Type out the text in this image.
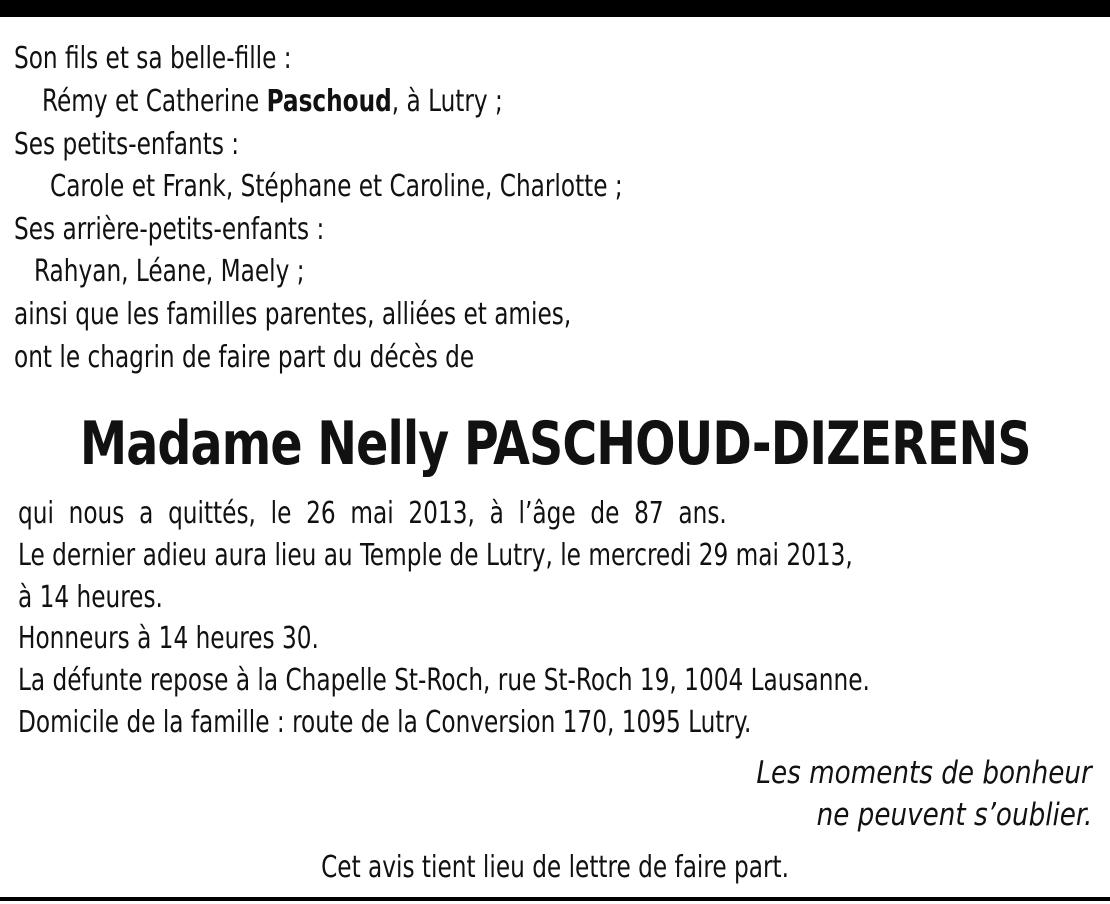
Son fils et sa belle-fille :
Rémy et Catherine Paschoud, à Lutry ;
Ses petits-enfants :
Carole et Frank, Stéphane et Caroline, Charlotte ;
Ses arrière-petits-enfants :
Rahyan, Léane, Maely ;
ainsi que les familles parentes, alliées et amies,
ont le chagrin de faire part du décès de
Madame Nelly PASCHOUD-DIZERENS
qui  nous  a  quittés,  le  26  mai  2013,  à  l’âge  de  87  ans.
Le dernier adieu aura lieu au Temple de Lutry, le mercredi 29 mai 2013,
à 14 heures.
Honneurs à 14 heures 30.
La défunte repose à la Chapelle St-Roch, rue St-Roch 19, 1004 Lausanne.
Domicile de la famille : route de la Conversion 170, 1095 Lutry.
Les moments de bonheur
ne peuvent s’oublier.
Cet avis tient lieu de lettre de faire part.
